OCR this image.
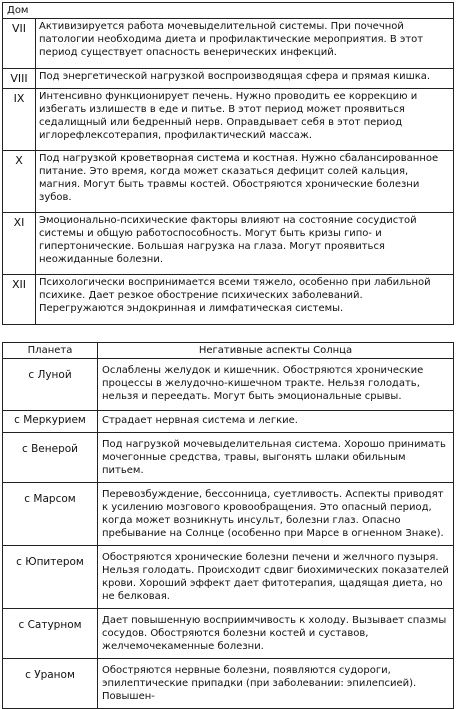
Дом	
VII	Активизируется работа мочевыделительной системы. При почечной патологии необходима диета и профилактические мероприятия. В этот период существует опасность венерических инфекций.
VIII	Под энергетической нагрузкой воспроизводящая сфера и прямая кишка.
IX	Интенсивно функционирует печень. Нужно проводить ее коррекцию и избегать излишеств в еде и питье. В этот период может проявиться седалищный или бедренный нерв. Оправдывает себя в этот период иглорефлексотерапия, профилактический массаж.
X	Под нагрузкой кроветворная система и костная. Нужно сбалансированное питание. Это время, когда может сказаться дефицит солей кальция, магния. Могут быть травмы костей. Обостряются хронические болезни зубов.
XI	Эмоционально-психические факторы влияют на состояние сосудистой системы и общую работоспособность. Могут быть кризы гипо- и гипертонические. Большая нагрузка на глаза. Могут проявиться неожиданные болезни.
XII	Психологически воспринимается всеми тяжело, особенно при лабильной психике. Дает резкое обострение психических заболеваний. Перегружаются эндокринная и лимфатическая системы.
Планета	Негативные аспекты Солнца
с Луной	Ослаблены желудок и кишечник. Обостряются хронические процессы в желудочно-кишечном тракте. Нельзя голодать, нельзя и переедать. Могут быть эмоциональные срывы.
с Меркурием	Страдает нервная система и легкие.
с Венерой	Под нагрузкой мочевыделительная система. Хорошо принимать мочегонные средства, травы, выгонять шлаки обильным питьем.
с Марсом	Перевозбуждение, бессонница, суетливость. Аспекты приводят к усилению мозгового кровообращения. Это опасный период, когда может возникнуть инсульт, болезни глаз. Опасно пребывание на Солнце (особенно при Марсе в огненном Знаке).
с Юпитером	Обостряются хронические болезни печени и желчного пузыря. Нельзя голодать. Происходит сдвиг биохимических показателей крови. Хороший эффект дает фитотерапия, щадящая диета, но не белковая.
с Сатурном	Дает повышенную восприимчивость к холоду. Вызывает спазмы сосудов. Обостряются болезни костей и суставов, желчемочекаменные болезни.
с Ураном	Обостряются нервные болезни, появляются судороги, эпилептические припадки (при заболевании: эпилепсией). Повышен-
